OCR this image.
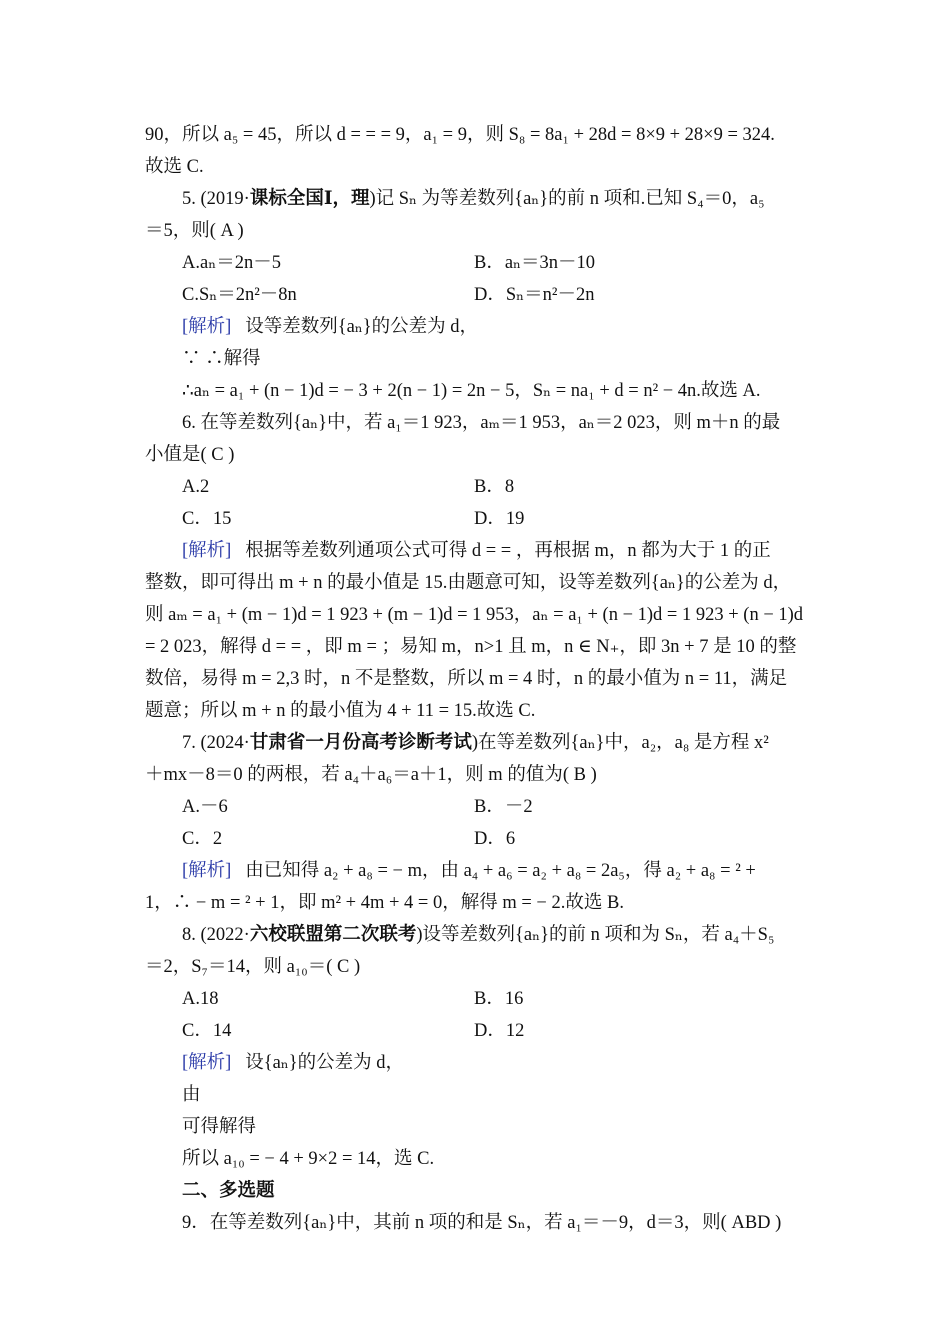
90，所以 a₅ = 45，所以 d = = = 9，a₁ = 9，则 S₈ = 8a₁ + 28d = 8×9 + 28×9 = 324.
故选 C.
5. (2019·课标全国Ⅰ，理)记 Sₙ 为等差数列{aₙ}的前 n 项和.已知 S₄＝0，a₅
＝5，则( A )
A.aₙ＝2n－5	B．aₙ＝3n－10
C.Sₙ＝2n²－8n	D．Sₙ＝n²－2n
[解析] 设等差数列{aₙ}的公差为 d，
∵ ∴解得
∴aₙ = a₁ + (n − 1)d = − 3 + 2(n − 1) = 2n − 5，Sₙ = na₁ + d = n² − 4n.故选 A.
6. 在等差数列{aₙ}中，若 a₁＝1 923，aₘ＝1 953，aₙ＝2 023，则 m＋n 的最
小值是( C )
A.2	B．8
C．15	D．19
[解析] 根据等差数列通项公式可得 d = = ，再根据 m，n 都为大于 1 的正
整数，即可得出 m + n 的最小值是 15.由题意可知，设等差数列{aₙ}的公差为 d，
则 aₘ = a₁ + (m − 1)d = 1 923 + (m − 1)d = 1 953，aₙ = a₁ + (n − 1)d = 1 923 + (n − 1)d
= 2 023，解得 d = = ，即 m = ；易知 m，n>1 且 m，n ∈ N₊，即 3n + 7 是 10 的整
数倍，易得 m = 2,3 时，n 不是整数，所以 m = 4 时，n 的最小值为 n = 11，满足
题意；所以 m + n 的最小值为 4 + 11 = 15.故选 C.
7. (2024·甘肃省一月份高考诊断考试)在等差数列{aₙ}中，a₂，a₈ 是方程 x²
＋mx－8＝0 的两根，若 a₄＋a₆＝a＋1，则 m 的值为( B )
A.－6	B．－2
C．2	D．6
[解析] 由已知得 a₂ + a₈ = − m，由 a₄ + a₆ = a₂ + a₈ = 2a₅，得 a₂ + a₈ = ² +
1，∴ − m = ² + 1，即 m² + 4m + 4 = 0，解得 m = − 2.故选 B.
8. (2022·六校联盟第二次联考)设等差数列{aₙ}的前 n 项和为 Sₙ，若 a₄＋S₅
＝2，S₇＝14，则 a₁₀＝( C )
A.18	B．16
C．14	D．12
[解析] 设{aₙ}的公差为 d，
由
可得解得
所以 a₁₀ = − 4 + 9×2 = 14，选 C.
二、多选题
9．在等差数列{aₙ}中，其前 n 项的和是 Sₙ，若 a₁＝－9，d＝3，则( ABD )
